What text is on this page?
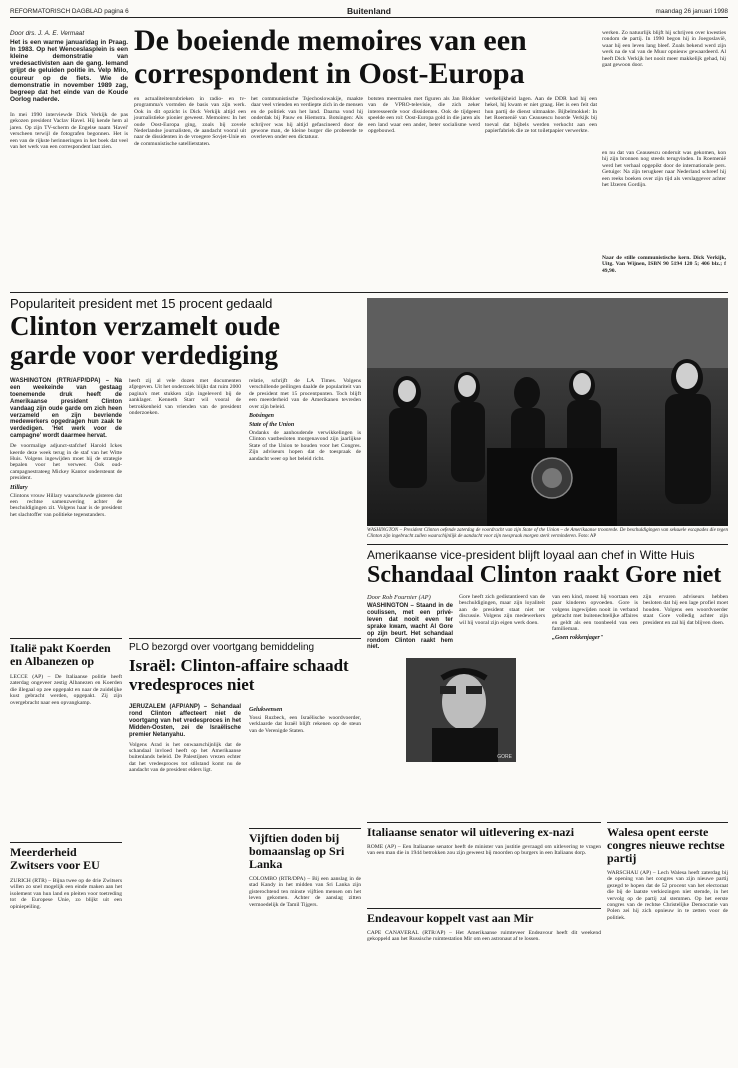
REFORMATORISCH DAGBLAD pagina 6	Buitenland	maandag 26 januari 1998
Door drs. J. A. E. Vermaat
Het is een warme januaridag in Praag. In 1983. Op het Wenceslasplein is een kleine demonstratie van vredesactivisten aan de gang. Iemand grijpt de geluiden politie in. Velp Milo, coureur op de fiets. Wie de demonstratie in november 1989 zag, begreep dat het einde van de Koude Oorlog naderde.
In mei 1990 interviewde Dick Verkijk de pas gekozen president Vaclav Havel. Hij kende hem al jaren. Op zijn TV-scherm de Engelse naam 'Havel' verscheen terwijl de fotografen begonnen. Het is een van de rijkste herinneringen in het boek dat veel van het werk van een correspondent laat zien.
De boeiende memoires van een correspondent in Oost-Europa
en actualiteitenrubrieken in radio- en tv-programma's vormden de basis van zijn werk. Ook in dit opzicht is Dick Verkijk altijd een journalistieke pionier geweest. Memoires: In het oude Oost-Europa ging, zoals bij zovele Nederlandse journalisten, de aandacht vooral uit naar de dissidenten in de vroegere Sovjet-Unie en de communistische satellietstaten.
het communistische Tsjechoslowakije, maakte daar veel vrienden en verdiepte zich in de mensen en de politiek van het land. Daarna vond hij onderdak bij Pauw en Hiemstra. Botsingen: Als schrijver was hij altijd gefascineerd door de gewone man, de kleine burger die probeerde te overleven onder een dictatuur.
botsten meermalen met figuren als Jan Blokker van de VPRO-televisie, die zich zeker interesseerde voor dissidenten. Ook de tijdgeest speelde een rol: Oost-Europa gold in die jaren als een land waar een ander, beter socialisme werd opgebouwd.
werkelijkheid lagen. Aan de DDR had hij een hekel, hij kwam er niet graag. Het is een feit dat hun partij de dienst uitmaakte. Bijbelmokkel: In het Roemenië van Ceausescu hoorde Verkijk bij toeval dat bijbels werden verkocht aan een papierfabriek die ze tot toiletpapier verwerkte.
werken. Zo natuurlijk blijft hij schrijven over kwesties rondom de partij. In 1990 begon hij in Joegoslavië, waar hij een leven lang bleef. Zoals bekend werd zijn werk na de val van de Muur opnieuw gewaardeerd. Al heeft Dick Verkijk het nooit meer makkelijk gehad, hij gaat gewoon door.
en nu dat van Ceausescu onderuit was gekomen, kon hij zijn bronnen nog steeds terugvinden. In Roemenië werd het verhaal opgepikt door de internationale pers. Getuige: Na zijn terugkeer naar Nederland schreef hij een reeks boeken over zijn tijd als verslaggever achter het IJzeren Gordijn.
Naar de stille communistische kern. Dick Verkijk, Uitg. Van Wijnen, ISBN 90 5194 120 5; 406 blz.; f 49,90.
Populariteit president met 15 procent gedaald
Clinton verzamelt oude garde voor verdediging
WASHINGTON (RTR/AFP/DPA) – Na een weekeinde van gestaag toenemende druk heeft de Amerikaanse president Clinton vandaag zijn oude garde om zich heen verzameld en zijn bevriende medewerkers opgedragen hun zaak te verdedigen. 'Het werk voor de campagne' wordt daarmee hervat.
De voormalige adjunct-stafchef Harold Ickes keerde deze week terug in de staf van het Witte Huis. Volgens ingewijden moet hij de strategie bepalen voor het verweer. Ook oud-campagnestrateeg Mickey Kantor ondersteunt de president.
Hillary
Clintons vrouw Hillary waarschuwde gisteren dat een rechtse samenzwering achter de beschuldigingen zit. Volgens haar is de president het slachtoffer van politieke tegenstanders.
heeft zij al vele dozen met documenten afgegeven. Uit het onderzoek blijkt dat ruim 2000 pagina's met stukken zijn ingeleverd bij de aanklager. Kenneth Starr wil vooral de betrokkenheid van vrienden van de president onderzoeken.
relatie, schrijft de LA Times. Volgens verschillende peilingen daalde de populariteit van de president met 15 procentpunten. Toch blijft een meerderheid van de Amerikanen tevreden over zijn beleid.
Botsingen
State of the Union
Ondanks de aanhoudende verwikkelingen is Clinton vastbesloten morgenavond zijn jaarlijkse State of the Union te houden voor het Congres. Zijn adviseurs hopen dat de toespraak de aandacht weer op het beleid richt.
WASHINGTON – President Clinton oefende zaterdag de voordracht van zijn State of the Union – de Amerikaanse troonrede. De beschuldigingen van seksuele escapades die tegen Clinton zijn ingebracht zullen waarschijnlijk de aandacht voor zijn toespraak morgen sterk verminderen. Foto: AP
Amerikaanse vice-president blijft loyaal aan chef in Witte Huis
Schandaal Clinton raakt Gore niet
Door Rob Fournier (AP)
WASHINGTON – Staand in de coulissen, met een privé-leven dat nooit even ter sprake kwam, wacht Al Gore op zijn beurt. Het schandaal rondom Clinton raakt hem niet.
Gore heeft zich gedistantieerd van de beschuldigingen, maar zijn loyaliteit aan de president staat niet ter discussie. Volgens zijn medewerkers wil hij vooral zijn eigen werk doen.
GORE
van een kind, moest hij voortaan een paar kinderen opvoeden. Gore is volgens ingewijden nooit in verband gebracht met buitenechtelijke affaires en geldt als een toonbeeld van een familieman.
„Goen rokkenjager"
zijn ervaren adviseurs hebben besloten dat hij een lage profiel moet houden. Volgens een woordvoerder staat Gore volledig achter zijn president en zal hij dat blijven doen.
Italië pakt Koerden en Albanezen op
LECCE (AP) – De Italiaanse politie heeft zaterdag ongeveer zestig Albanezen en Koerden die illegaal op zee opgepakt en naar de zuidelijke kust gebracht werden, opgepakt. Zij zijn overgebracht naar een opvangkamp.
Meerderheid Zwitsers voor EU
ZURICH (RTR) – Bijna twee op de drie Zwitsers willen zo snel mogelijk een einde maken aan het isolement van hun land en pleiten voor toetreding tot de Europese Unie, zo blijkt uit een opiniepeiling.
PLO bezorgd over voortgang bemiddeling
Israël: Clinton-affaire schaadt vredesproces niet
JERUZALEM (AFP/ANP) – Schandaal rond Clinton affecteert niet de voortgang van het vredesproces in het Midden-Oosten, zei de Israëlische premier Netanyahu.
Volgens Arad is het onwaarschijnlijk dat de schandaal invloed heeft op het Amerikaanse buitenlands beleid. De Palestijnen vrezen echter dat het vredesproces tot stilstand komt nu de aandacht van de president elders ligt.
Gelukwensen
Yossi Ruzbeck, een Israëlische woordvoerder, verklaarde dat Israël blijft rekenen op de steun van de Verenigde Staten.
Vijftien doden bij bomaanslag op Sri Lanka
COLOMBO (RTR/DPA) – Bij een aanslag in de stad Kandy in het midden van Sri Lanka zijn gisterochtend ten minste vijftien mensen om het leven gekomen. Achter de aanslag zitten vermoedelijk de Tamil Tijgers.
Italiaanse senator wil uitlevering ex-nazi
ROME (AP) – Een Italiaanse senator heeft de minister van justitie gevraagd om uitlevering te vragen van een man die in 1944 betrokken zou zijn geweest bij moorden op burgers in een Italiaans dorp.
Endeavour koppelt vast aan Mir
CAPE CANAVERAL (RTR/AP) – Het Amerikaanse ruimteveer Endeavour heeft dit weekend gekoppeld aan het Russische ruimtestation Mir om een astronaut af te lossen.
Walesa opent eerste congres nieuwe rechtse partij
WARSCHAU (AP) – Lech Walesa heeft zaterdag bij de opening van het congres van zijn nieuwe partij gezegd te hopen dat de 52 procent van het electoraat die bij de laatste verkiezingen niet stemde, in het vervolg op de partij zal stemmen. Op het eerste congres van de rechtse Christelijke Democratie van Polen zei hij zich opnieuw in te zetten voor de politiek.
